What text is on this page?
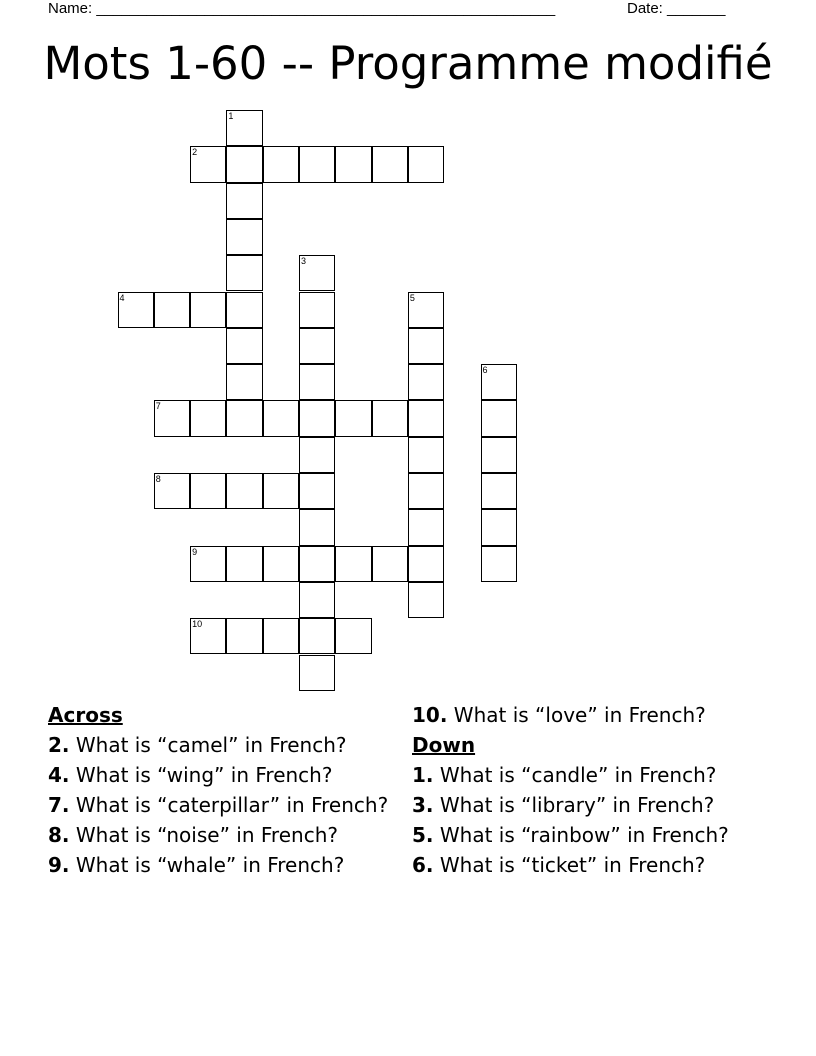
Name: _______________________________________________________	Date: _______
Mots 1-60 -- Programme modifié
1
2
3
4	5
6
7
8
9
10
Across
2. What is “camel” in French?
4. What is “wing” in French?
7. What is “caterpillar” in French?
8. What is “noise” in French?
9. What is “whale” in French?
10. What is “love” in French?
Down
1. What is “candle” in French?
3. What is “library” in French?
5. What is “rainbow” in French?
6. What is “ticket” in French?
